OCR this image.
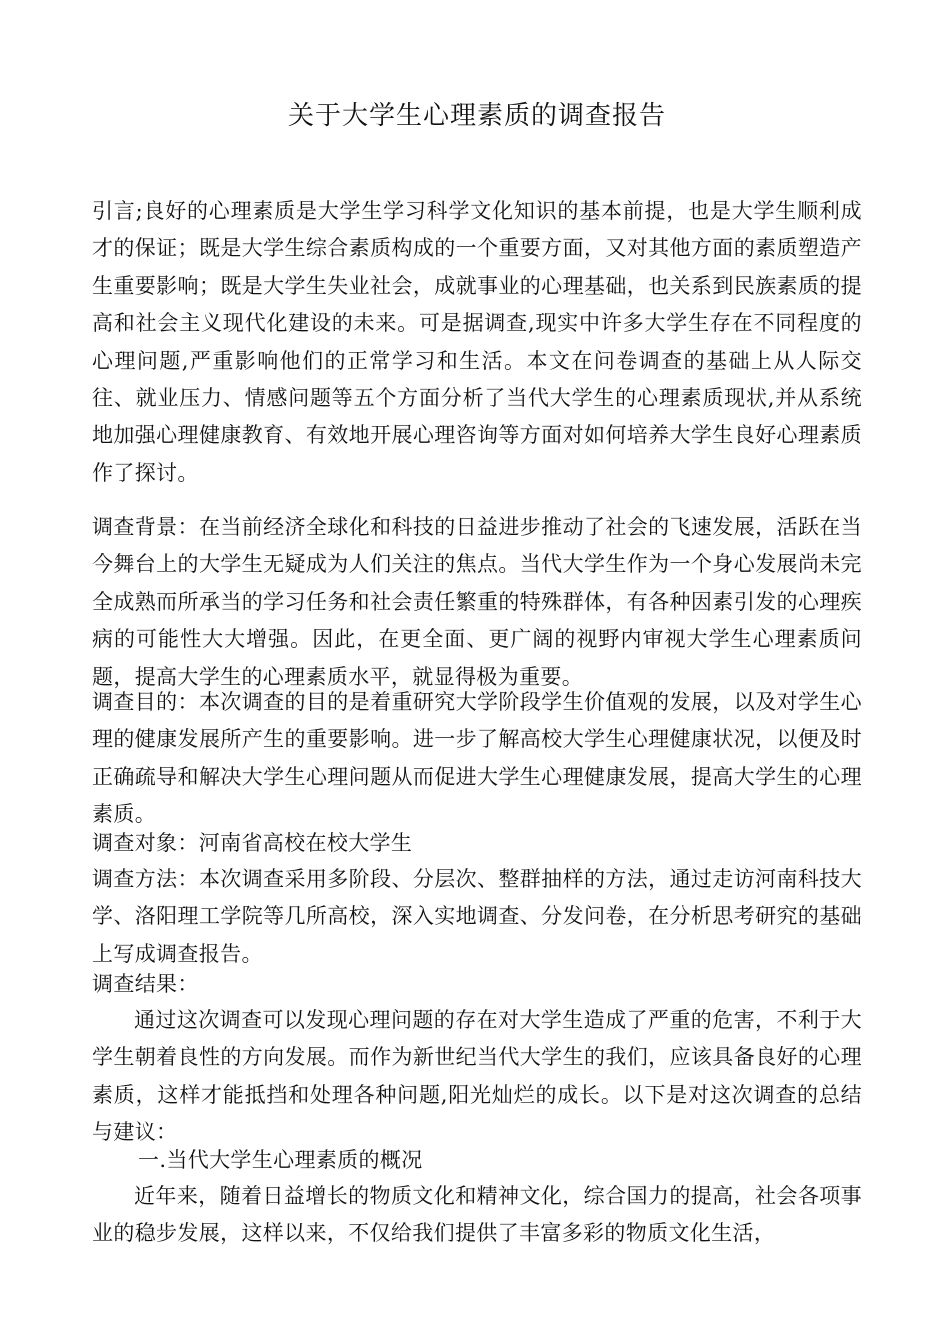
关于大学生心理素质的调查报告
引言;良好的心理素质是大学生学习科学文化知识的基本前提，也是大学生顺利成才的保证；既是大学生综合素质构成的一个重要方面，又对其他方面的素质塑造产生重要影响；既是大学生失业社会，成就事业的心理基础，也关系到民族素质的提高和社会主义现代化建设的未来。可是据调查,现实中许多大学生存在不同程度的心理问题,严重影响他们的正常学习和生活。本文在问卷调查的基础上从人际交往、就业压力、情感问题等五个方面分析了当代大学生的心理素质现状,并从系统地加强心理健康教育、有效地开展心理咨询等方面对如何培养大学生良好心理素质作了探讨。
调查背景：在当前经济全球化和科技的日益进步推动了社会的飞速发展，活跃在当今舞台上的大学生无疑成为人们关注的焦点。当代大学生作为一个身心发展尚未完全成熟而所承当的学习任务和社会责任繁重的特殊群体，有各种因素引发的心理疾病的可能性大大增强。因此，在更全面、更广阔的视野内审视大学生心理素质问题，提高大学生的心理素质水平，就显得极为重要。
调查目的：本次调查的目的是着重研究大学阶段学生价值观的发展，以及对学生心理的健康发展所产生的重要影响。进一步了解高校大学生心理健康状况，以便及时正确疏导和解决大学生心理问题从而促进大学生心理健康发展，提高大学生的心理素质。
调查对象：河南省高校在校大学生
调查方法：本次调查采用多阶段、分层次、整群抽样的方法，通过走访河南科技大学、洛阳理工学院等几所高校，深入实地调查、分发问卷，在分析思考研究的基础上写成调查报告。
调查结果：
通过这次调查可以发现心理问题的存在对大学生造成了严重的危害，不利于大学生朝着良性的方向发展。而作为新世纪当代大学生的我们，应该具备良好的心理素质，这样才能抵挡和处理各种问题,阳光灿烂的成长。以下是对这次调查的总结与建议：
一.当代大学生心理素质的概况
近年来，随着日益增长的物质文化和精神文化，综合国力的提高，社会各项事业的稳步发展，这样以来，不仅给我们提供了丰富多彩的物质文化生活，
